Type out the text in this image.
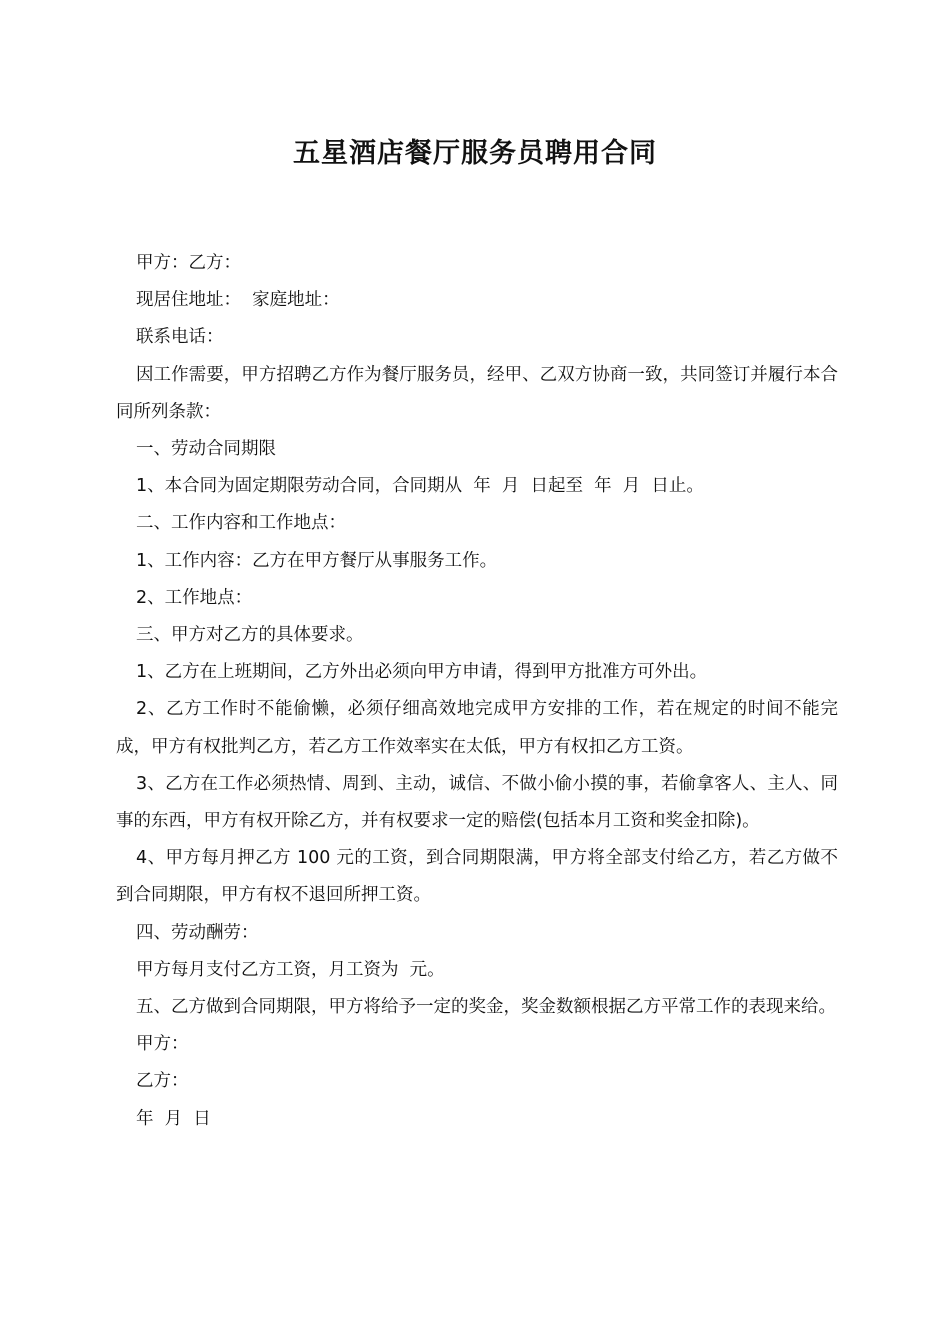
五星酒店餐厅服务员聘用合同

甲方：乙方：

现居住地址：  家庭地址：

联系电话：

因工作需要，甲方招聘乙方作为餐厅服务员，经甲、乙双方协商一致，共同签订并履行本合同所列条款：

一、劳动合同期限

1、本合同为固定期限劳动合同，合同期从  年  月  日起至  年  月  日止。

二、工作内容和工作地点：

1、工作内容：乙方在甲方餐厅从事服务工作。

2、工作地点：

三、甲方对乙方的具体要求。

1、乙方在上班期间，乙方外出必须向甲方申请，得到甲方批准方可外出。

2、乙方工作时不能偷懒，必须仔细高效地完成甲方安排的工作，若在规定的时间不能完成，甲方有权批判乙方，若乙方工作效率实在太低，甲方有权扣乙方工资。

3、乙方在工作必须热情、周到、主动，诚信、不做小偷小摸的事，若偷拿客人、主人、同事的东西，甲方有权开除乙方，并有权要求一定的赔偿(包括本月工资和奖金扣除)。

4、甲方每月押乙方 100 元的工资，到合同期限满，甲方将全部支付给乙方，若乙方做不到合同期限，甲方有权不退回所押工资。

四、劳动酬劳：

甲方每月支付乙方工资，月工资为  元。

五、乙方做到合同期限，甲方将给予一定的奖金，奖金数额根据乙方平常工作的表现来给。

甲方：

乙方：

年  月  日
